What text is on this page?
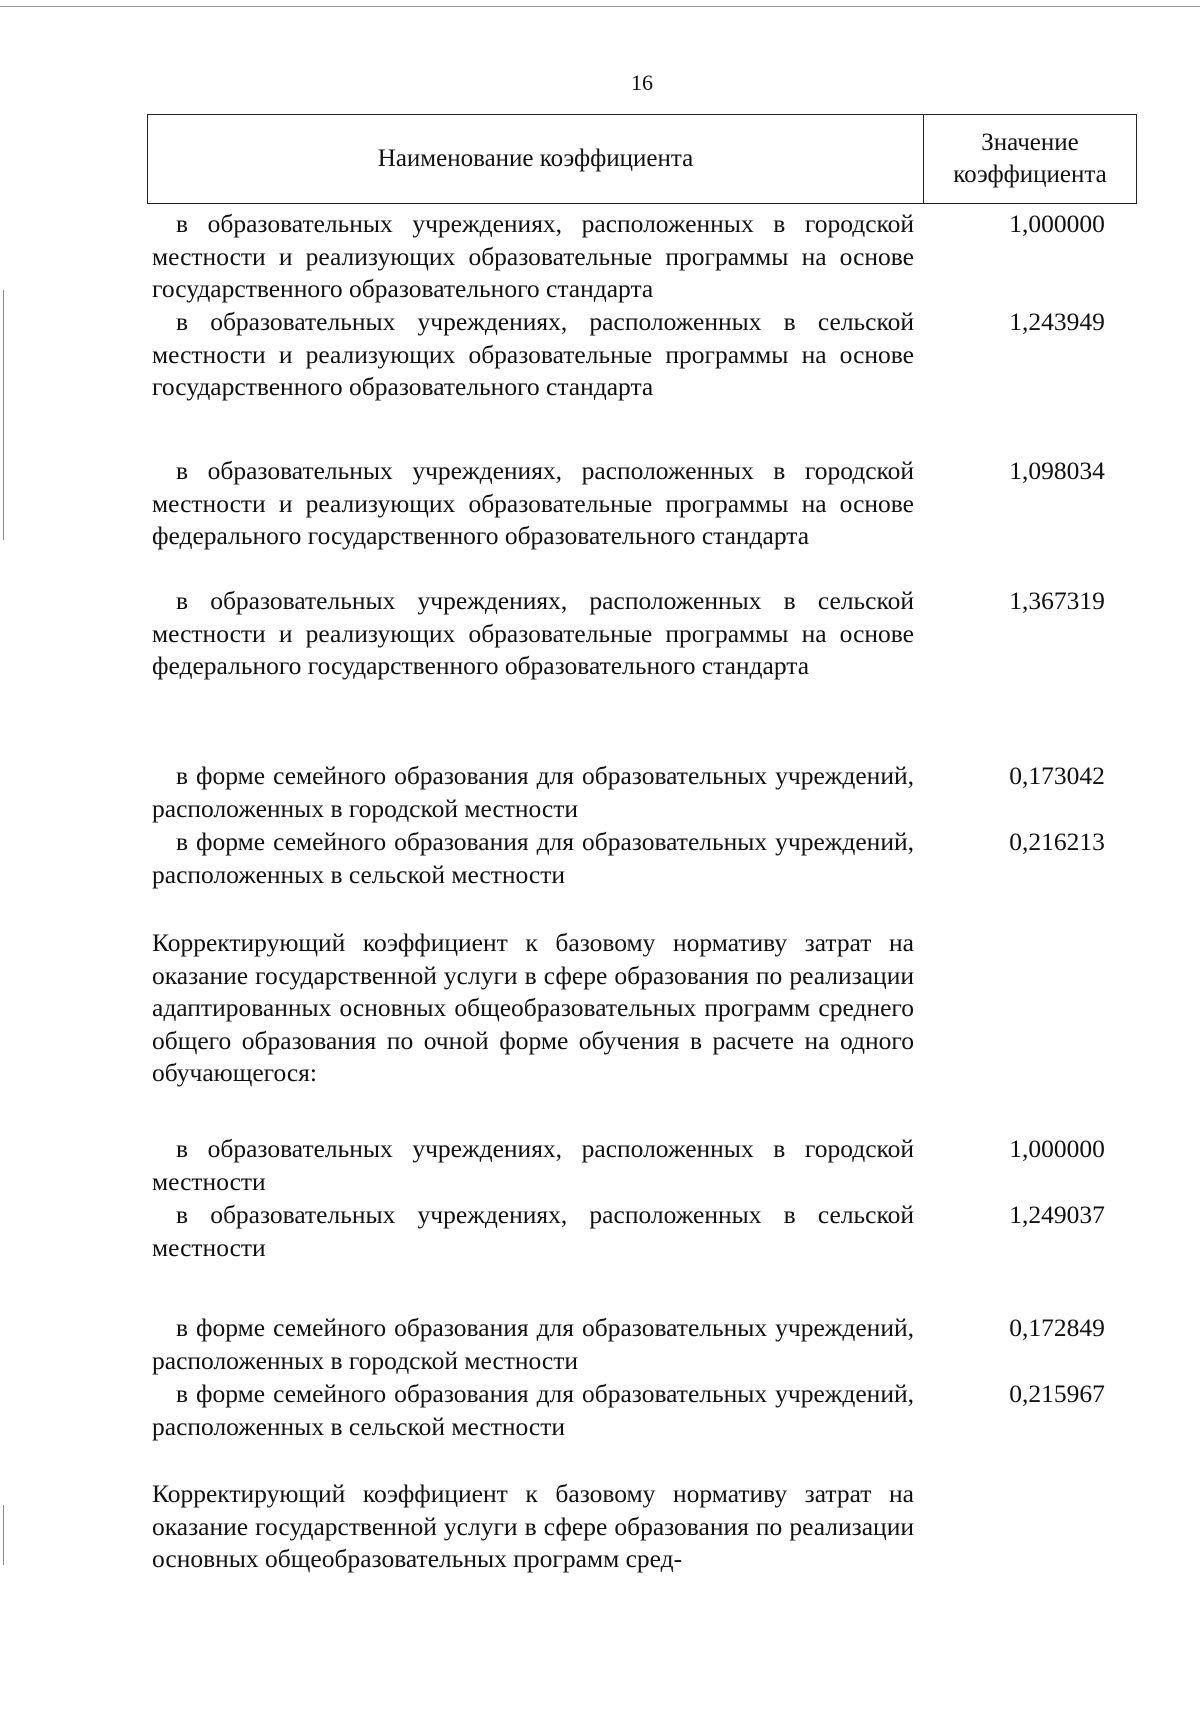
16
Наименование коэффициента
Значение
коэффициента
в образовательных учреждениях, расположенных в городской местности и реализующих образовательные программы на основе государственного образовательного стандарта
1,000000
в образовательных учреждениях, расположенных в сельской местности и реализующих образовательные программы на основе государственного образовательного стандарта
1,243949
в образовательных учреждениях, расположенных в городской местности и реализующих образовательные программы на основе федерального государственного образовательного стандарта
1,098034
в образовательных учреждениях, расположенных в сельской местности и реализующих образовательные программы на основе федерального государственного образовательного стандарта
1,367319
в форме семейного образования для образовательных учреждений, расположенных в городской местности
0,173042
в форме семейного образования для образовательных учреждений, расположенных в сельской местности
0,216213
Корректирующий коэффициент к базовому нормативу затрат на оказание государственной услуги в сфере образования по реализации адаптированных основных общеобразовательных программ среднего общего образования по очной форме обучения в расчете на одного обучающегося:
в образовательных учреждениях, расположенных в городской местности
1,000000
в образовательных учреждениях, расположенных в сельской местности
1,249037
в форме семейного образования для образовательных учреждений, расположенных в городской местности
0,172849
в форме семейного образования для образовательных учреждений, расположенных в сельской местности
0,215967
Корректирующий коэффициент к базовому нормативу затрат на оказание государственной услуги в сфере образования по реализации основных общеобразовательных программ сред-
